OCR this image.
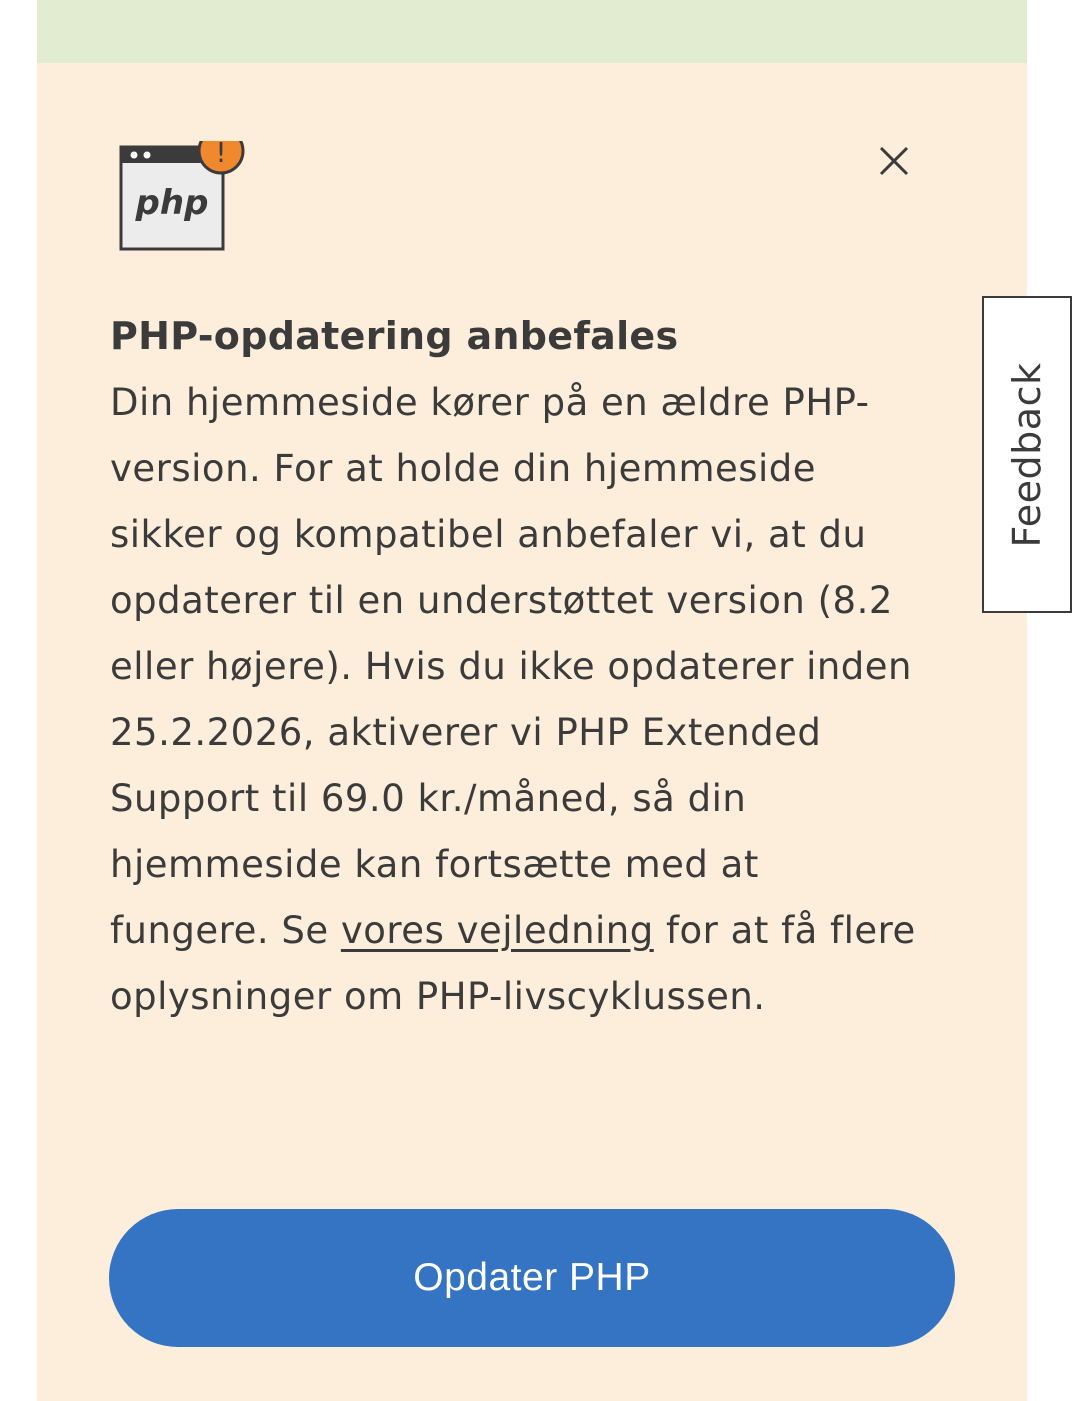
php
!
PHP-opdatering anbefales
Din hjemmeside kører på en ældre PHP-version. For at holde din hjemmeside sikker og kompatibel anbefaler vi, at du opdaterer til en understøttet version (8.2 eller højere). Hvis du ikke opdaterer inden 25.2.2026, aktiverer vi PHP Extended Support til 69.0 kr./måned, så din hjemmeside kan fortsætte med at fungere. Se vores vejledning for at få flere oplysninger om PHP-livscyklussen.
Opdater PHP
Feedback
